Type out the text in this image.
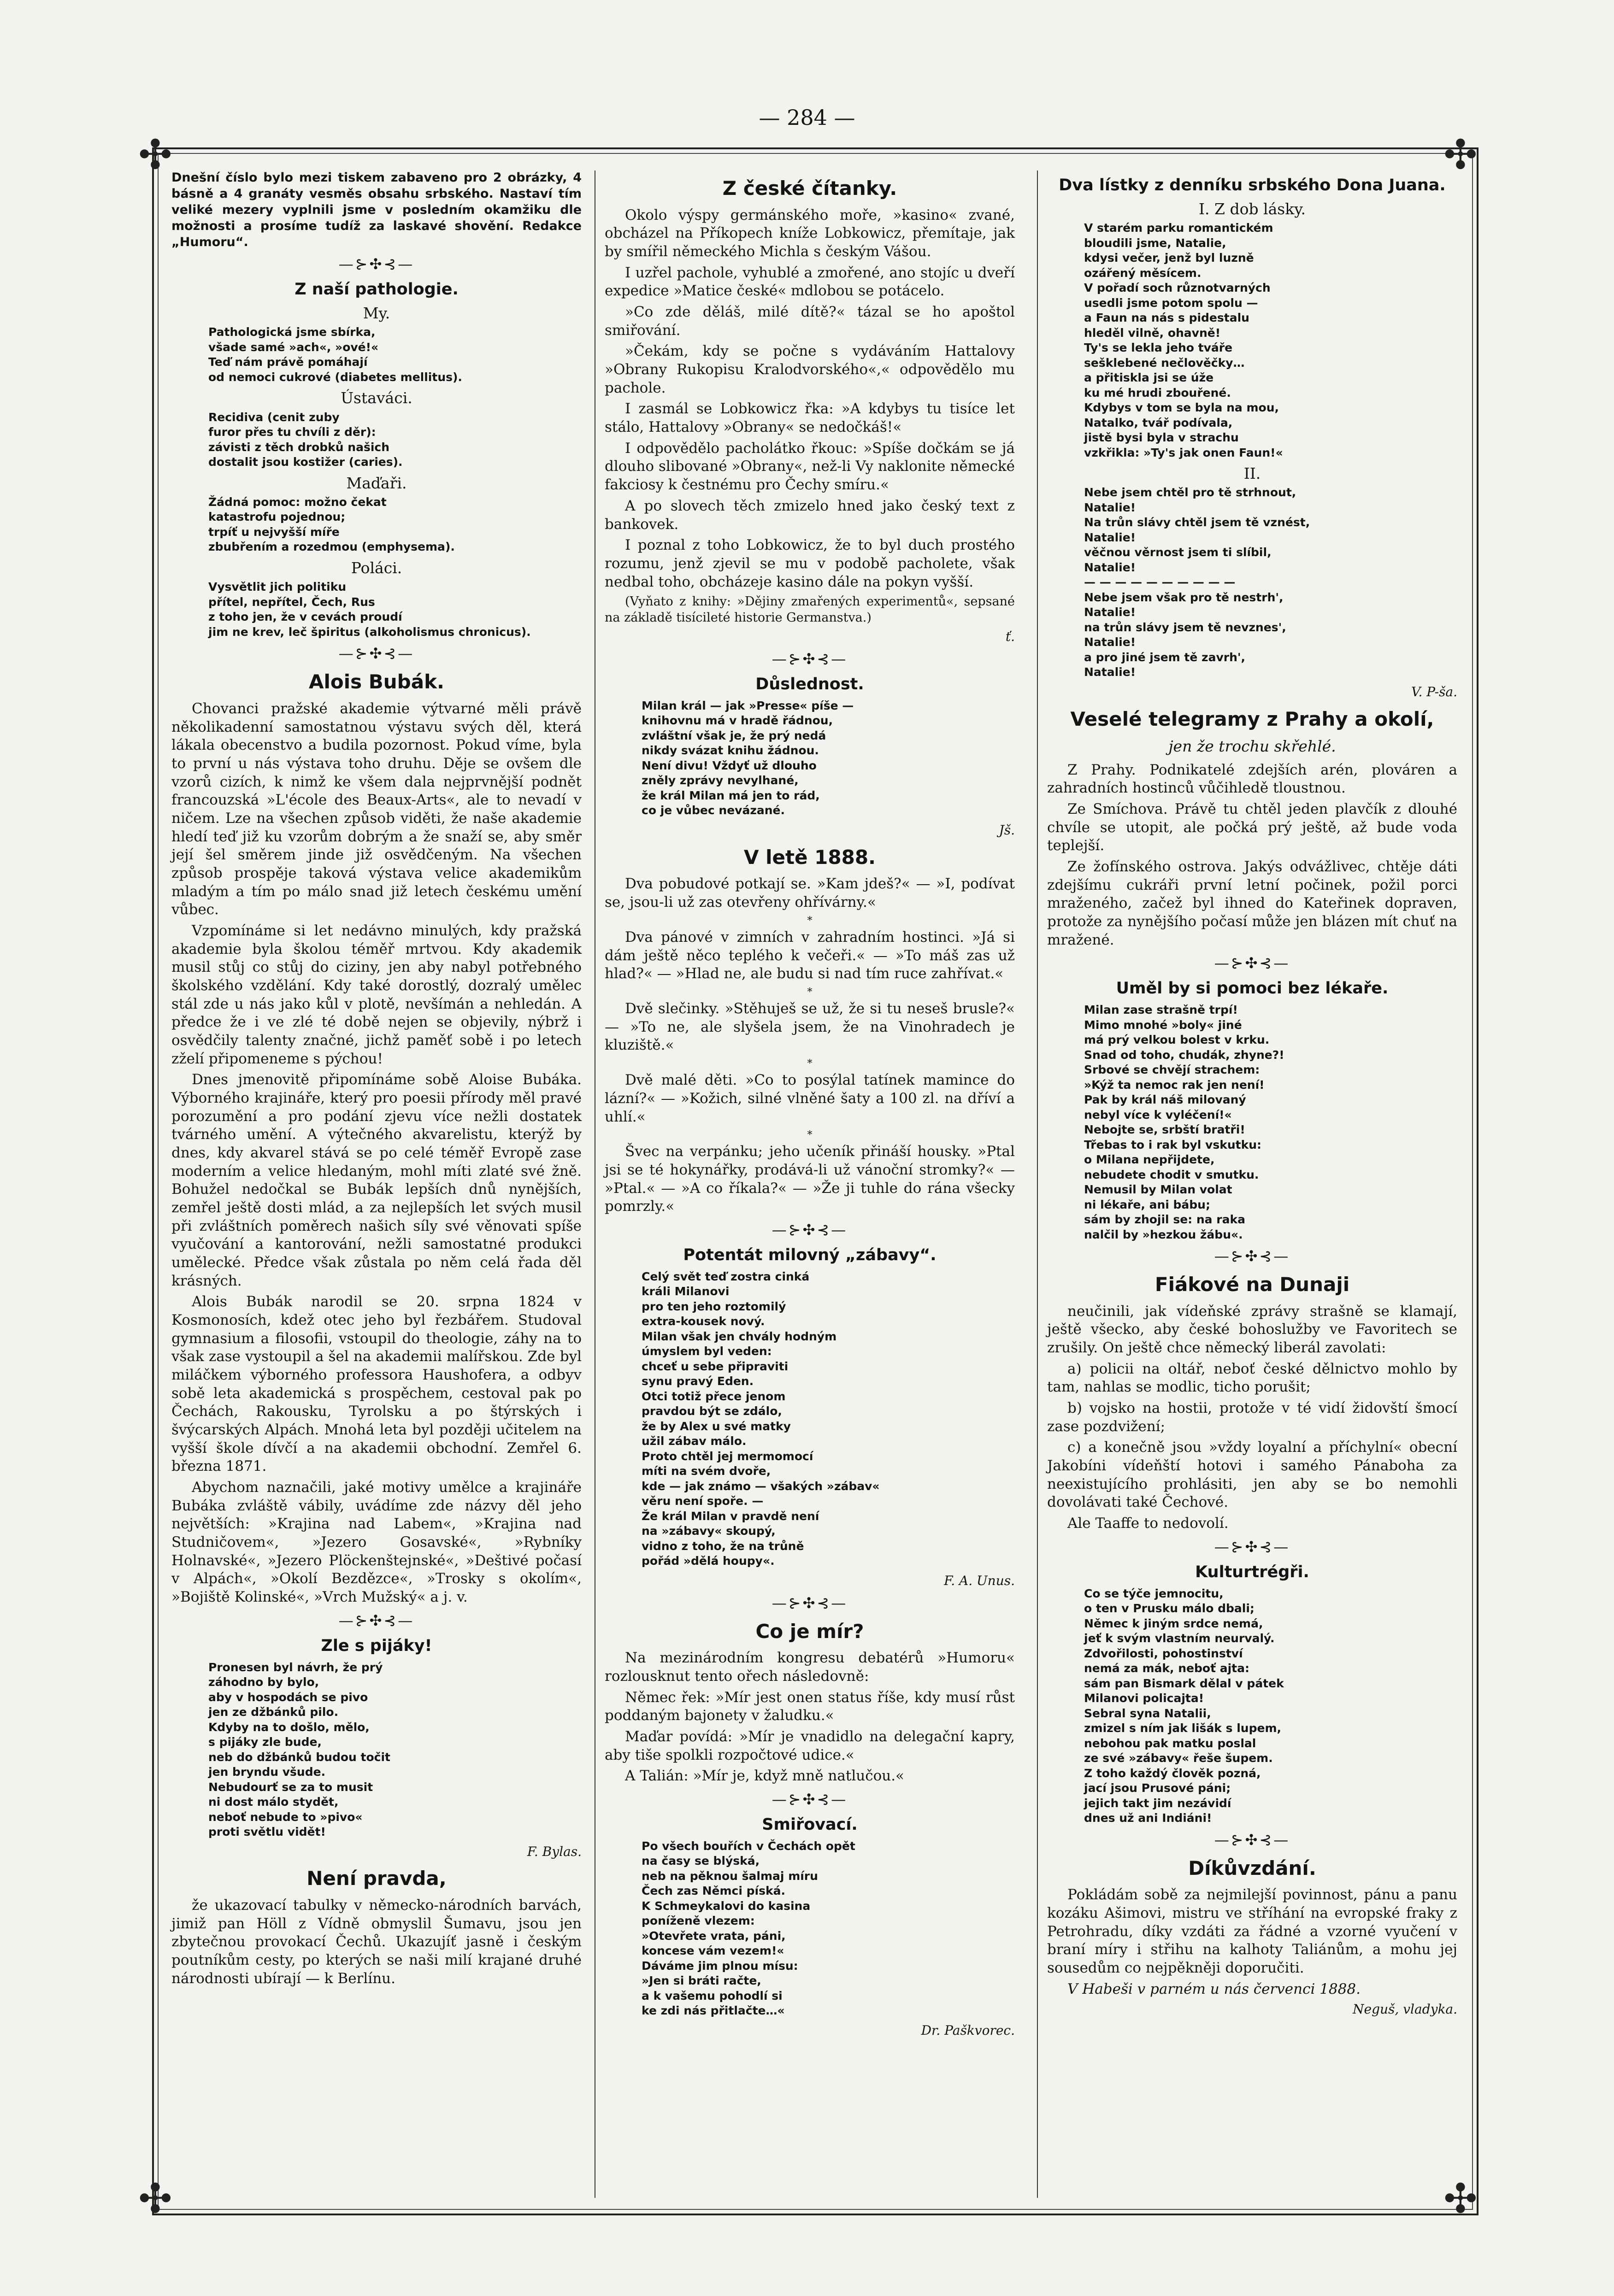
— 284 —
✣	✣
✣	✣
Dnešní číslo bylo mezi tiskem zabaveno pro 2 obrázky, 4 básně a 4 granáty vesměs obsahu srbského. Nastaví tím veliké mezery vyplnili jsme v posledním okamžiku dle možnosti a prosíme tudíž za laskavé shovění. Redakce „Humoru“.
—⊱✣⊰—
Z naší pathologie.
My.
Pathologická jsme sbírka,
všade samé »ach«, »ové!«
Teď nám právě pomáhají
od nemoci cukrové (diabetes mellitus).
Ústaváci.
Recidiva (cenit zuby
furor přes tu chvíli z děr):
závisti z těch drobků našich
dostalit jsou kostižer (caries).
Maďaři.
Žádná pomoc: možno čekat
katastrofu pojednou;
trpíť u nejvyšší míře
zbubřením a rozedmou (emphysema).
Poláci.
Vysvětlit jich politiku
přítel, nepřítel, Čech, Rus
z toho jen, že v cevách proudí
jim ne krev, leč špiritus (alkoholismus chronicus).
—⊱✣⊰—
Alois Bubák.

Chovanci pražské akademie výtvarné měli právě několikadenní samostatnou výstavu svých děl, která lákala obecenstvo a budila pozornost. Pokud víme, byla to první u nás výstava toho druhu. Děje se ovšem dle vzorů cizích, k nimž ke všem dala nejprvnější podnět francouzská »L'école des Beaux-Arts«, ale to nevadí v ničem. Lze na všechen způsob viděti, že naše akademie hledí teď již ku vzorům dobrým a že snaží se, aby směr její šel směrem jinde již osvědčeným. Na všechen způsob prospěje taková výstava velice akademikům mladým a tím po málo snad již letech českému umění vůbec.

Vzpomínáme si let nedávno minulých, kdy pražská akademie byla školou téměř mrtvou. Kdy akademik musil stůj co stůj do ciziny, jen aby nabyl potřebného školského vzdělání. Kdy také dorostlý, dozralý umělec stál zde u nás jako kůl v plotě, nevšímán a nehledán. A předce že i ve zlé té době nejen se objevily, nýbrž i osvědčily talenty značné, jichž paměť sobě i po letech zželí připomeneme s pýchou!

Dnes jmenovitě připomínáme sobě Aloise Bubáka. Výborného krajináře, který pro poesii přírody měl pravé porozumění a pro podání zjevu více nežli dostatek tvárného umění. A výtečného akvarelistu, kterýž by dnes, kdy akvarel stává se po celé téměř Evropě zase moderním a velice hledaným, mohl míti zlaté své žně. Bohužel nedočkal se Bubák lepších dnů nynějších, zemřel ještě dosti mlád, a za nejlepších let svých musil při zvláštních poměrech našich síly své věnovati spíše vyučování a kantorování, nežli samostatné produkci umělecké. Předce však zůstala po něm celá řada děl krásných.

Alois Bubák narodil se 20. srpna 1824 v Kosmonosích, kdež otec jeho byl řezbářem. Studoval gymnasium a filosofii, vstoupil do theologie, záhy na to však zase vystoupil a šel na akademii malířskou. Zde byl miláčkem výborného professora Haushofera, a odbyv sobě leta akademická s prospěchem, cestoval pak po Čechách, Rakousku, Tyrolsku a po štýrských i švýcarských Alpách. Mnohá leta byl později učitelem na vyšší škole dívčí a na akademii obchodní. Zemřel 6. března 1871.

Abychom naznačili, jaké motivy umělce a krajináře Bubáka zvláště vábily, uvádíme zde názvy děl jeho největších: »Krajina nad Labem«, »Krajina nad Studničovem«, »Jezero Gosavské«, »Rybníky Holnavské«, »Jezero Plöckenštejnské«, »Deštivé počasí v Alpách«, »Okolí Bezdězce«, »Trosky s okolím«, »Bojiště Kolinské«, »Vrch Mužský« a j. v.

—⊱✣⊰—
Zle s pijáky!
Pronesen byl návrh, že prý
záhodno by bylo,
aby v hospodách se pivo
jen ze džbánků pilo.
Kdyby na to došlo, mělo,
s pijáky zle bude,
neb do džbánků budou točit
jen bryndu všude.
Nebudourť se za to musit
ni dost málo stydět,
neboť nebude to »pivo«
proti světlu vidět!
F. Bylas.
Není pravda,

že ukazovací tabulky v německo-národních barvách, jimiž pan Höll z Vídně obmyslil Šumavu, jsou jen zbytečnou provokací Čechů. Ukazujíť jasně i českým poutníkům cesty, po kterých se naši milí krajané druhé národnosti ubírají — k Berlínu.

Z české čítanky.

Okolo výspy germánského moře, »kasino« zvané, obcházel na Příkopech kníže Lobkowicz, přemítaje, jak by smířil německého Michla s českým Vášou.

I uzřel pachole, vyhublé a zmořené, ano stojíc u dveří expedice »Matice české« mdlobou se potácelo.

»Co zde děláš, milé dítě?« tázal se ho apoštol smiřování.

»Čekám, kdy se počne s vydáváním Hattalovy »Obrany Rukopisu Kralodvorského«,« odpovědělo mu pachole.

I zasmál se Lobkowicz řka: »A kdybys tu tisíce let stálo, Hattalovy »Obrany« se nedočkáš!«

I odpovědělo pacholátko řkouc: »Spíše dočkám se já dlouho slibované »Obrany«, než-li Vy naklonite německé fakciosy k čestnému pro Čechy smíru.«

A po slovech těch zmizelo hned jako český text z bankovek.

I poznal z toho Lobkowicz, že to byl duch prostého rozumu, jenž zjevil se mu v podobě pacholete, však nedbal toho, obcházeje kasino dále na pokyn vyšší.

(Vyňato z knihy: »Dějiny zmařených experimentů«, sepsané na základě tisícileté historie Germanstva.)

ť.
—⊱✣⊰—
Důslednost.
Milan král — jak »Presse« píše —
knihovnu má v hradě řádnou,
zvláštní však je, že prý nedá
nikdy svázat knihu žádnou.
Není divu! Vždyť už dlouho
zněly zprávy nevylhané,
že král Milan má jen to rád,
co je vůbec nevázané.
Jš.
V letě 1888.

Dva pobudové potkají se. »Kam jdeš?« — »I, podívat se, jsou-li už zas otevřeny ohřívárny.«

*

Dva pánové v zimních v zahradním hostinci. »Já si dám ještě něco teplého k večeři.« — »To máš zas už hlad?« — »Hlad ne, ale budu si nad tím ruce zahřívat.«

*

Dvě slečinky. »Stěhuješ se už, že si tu neseš brusle?« — »To ne, ale slyšela jsem, že na Vinohradech je kluziště.«

*

Dvě malé děti. »Co to posýlal tatínek mamince do lázní?« — »Kožich, silné vlněné šaty a 100 zl. na dříví a uhlí.«

*

Švec na verpánku; jeho učeník přináší housky. »Ptal jsi se té hokynářky, prodává-li už vánoční stromky?« — »Ptal.« — »A co říkala?« — »Že ji tuhle do rána všecky pomrzly.«

—⊱✣⊰—
Potentát milovný „zábavy“.
Celý svět teď zostra cinká
králi Milanovi
pro ten jeho roztomilý
extra-kousek nový.
Milan však jen chvály hodným
úmyslem byl veden:
chceť u sebe připraviti
synu pravý Eden.
Otci totiž přece jenom
pravdou být se zdálo,
že by Alex u své matky
užil zábav málo.
Proto chtěl jej mermomocí
míti na svém dvoře,
kde — jak známo — všakých »zábav«
věru není spoře. —
Že král Milan v pravdě není
na »zábavy« skoupý,
vidno z toho, že na trůně
pořád »dělá houpy«.
F. A. Unus.
—⊱✣⊰—
Co je mír?

Na mezinárodním kongresu debatérů »Humoru« rozlousknut tento ořech následovně:

Němec řek: »Mír jest onen status říše, kdy musí růst poddaným bajonety v žaludku.«

Maďar povídá: »Mír je vnadidlo na delegační kapry, aby tiše spolkli rozpočtové udice.«

A Talián: »Mír je, když mně natlučou.«

—⊱✣⊰—
Smiřovací.
Po všech bouřích v Čechách opět
na časy se blýská,
neb na pěknou šalmaj míru
Čech zas Němci píská.
K Schmeykalovi do kasina
poníženě vlezem:
»Otevřete vrata, páni,
koncese vám vezem!«
Dáváme jim plnou mísu:
»Jen si bráti račte,
a k vašemu pohodlí si
ke zdi nás přitlačte…«
Dr. Paškvorec.
Dva lístky z denníku srbského Dona Juana.
I. Z dob lásky.
V starém parku romantickém
bloudili jsme, Natalie,
kdysi večer, jenž byl luzně
ozářený měsícem.
V pořadí soch různotvarných
usedli jsme potom spolu —
a Faun na nás s pidestalu
hleděl vilně, ohavně!
Ty's se lekla jeho tváře
sešklebené nečlověčky…
a přitiskla jsi se úže
ku mé hrudi zbouřené.
Kdybys v tom se byla na mou,
Natalko, tvář podívala,
jistě bysi byla v strachu
vzkřikla: »Ty's jak onen Faun!«
II.
Nebe jsem chtěl pro tě strhnout,
Natalie!
Na trůn slávy chtěl jsem tě vznést,
Natalie!
věčnou věrnost jsem ti slíbil,
Natalie!
— — — — — — — — — —
Nebe jsem však pro tě nestrh',
Natalie!
na trůn slávy jsem tě nevznes',
Natalie!
a pro jiné jsem tě zavrh',
Natalie!
V. P-ša.
Veselé telegramy z Prahy a okolí,
jen že trochu skřehlé.

Z Prahy. Podnikatelé zdejších arén, plováren a zahradních hostinců vůčihledě tloustnou.

Ze Smíchova. Právě tu chtěl jeden plavčík z dlouhé chvíle se utopit, ale počká prý ještě, až bude voda teplejší.

Ze žofínského ostrova. Jakýs odvážlivec, chtěje dáti zdejšímu cukráři první letní počinek, požil porci mraženého, začež byl ihned do Kateřinek dopraven, protože za nynějšího počasí může jen blázen mít chuť na mražené.

—⊱✣⊰—
Uměl by si pomoci bez lékaře.
Milan zase strašně trpí!
Mimo mnohé »boly« jiné
má prý velkou bolest v krku.
Snad od toho, chudák, zhyne?!
Srbové se chvějí strachem:
»Kýž ta nemoc rak jen není!
Pak by král náš milovaný
nebyl více k vyléčení!«
Nebojte se, srbští bratři!
Třebas to i rak byl vskutku:
o Milana nepřijdete,
nebudete chodit v smutku.
Nemusil by Milan volat
ni lékaře, ani bábu;
sám by zhojil se: na raka
nalčil by »hezkou žábu«.
—⊱✣⊰—
Fiákové na Dunaji

neučinili, jak vídeňské zprávy strašně se klamají, ještě všecko, aby české bohoslužby ve Favoritech se zrušily. On ještě chce německý liberál zavolati:

a) policii na oltář, neboť české dělnictvo mohlo by tam, nahlas se modlic, ticho porušit;

b) vojsko na hostii, protože v té vidí židovští šmocí zase pozdvižení;

c) a konečně jsou »vždy loyalní a příchylní« obecní Jakobíni vídeňští hotovi i samého Pánaboha za neexistujícího prohlásiti, jen aby se bo nemohli dovolávati také Čechové.

Ale Taaffe to nedovolí.

—⊱✣⊰—
Kulturtrégři.
Co se týče jemnocitu,
o ten v Prusku málo dbali;
Němec k jiným srdce nemá,
jeť k svým vlastním neurvalý.
Zdvořilosti, pohostinství
nemá za mák, neboť ajta:
sám pan Bismark dělal v pátek
Milanovi policajta!
Sebral syna Natalii,
zmizel s ním jak lišák s lupem,
nebohou pak matku poslal
ze své »zábavy« řeše šupem.
Z toho každý člověk pozná,
jací jsou Prusové páni;
jejich takt jim nezávidí
dnes už ani Indiáni!
—⊱✣⊰—
Díkůvzdání.

Pokládám sobě za nejmilejší povinnost, pánu a panu kozáku Ašimovi, mistru ve stříhání na evropské fraky z Petrohradu, díky vzdáti za řádné a vzorné vyučení v braní míry i střihu na kalhoty Taliánům, a mohu jej sousedům co nejpěkněji doporučiti.

V Habeši v parném u nás červenci 1888.

Neguš, vladyka.
